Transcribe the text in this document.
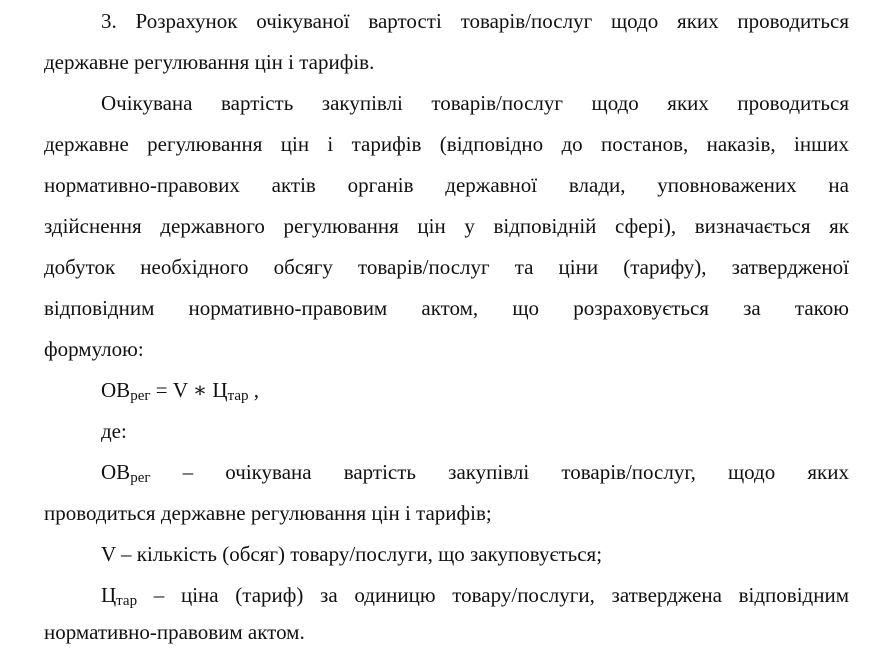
3. Розрахунок очікуваної вартості товарів/послуг щодо яких проводиться
державне регулювання цін і тарифів.
Очікувана вартість закупівлі товарів/послуг щодо яких проводиться
державне регулювання цін і тарифів (відповідно до постанов, наказів, інших
нормативно-правових актів органів державної влади, уповноважених на
здійснення державного регулювання цін у відповідній сфері), визначається як
добуток необхідного обсягу товарів/послуг та ціни (тарифу), затвердженої
відповідним нормативно-правовим актом, що розраховується за такою
формулою:
$ОВ_{рег} = V$ ∗ $Ц_{тар}$ ,
де:
$ОВ_{рег}$ – очікувана вартість закупівлі товарів/послуг, щодо яких
проводиться державне регулювання цін і тарифів;
V – кількість (обсяг) товару/послуги, що закуповується;
$Ц_{тар}$ – ціна (тариф) за одиницю товару/послуги, затверджена відповідним
нормативно-правовим актом.
